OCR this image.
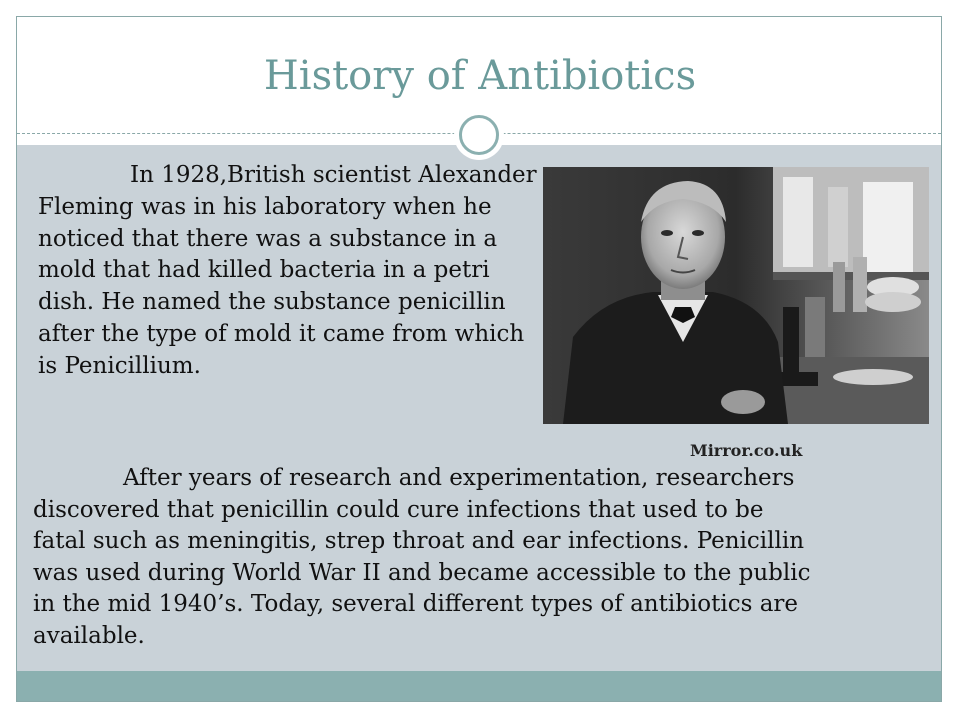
History of Antibiotics

In 1928,British scientist Alexander Fleming was in his laboratory when he noticed that there was a substance in a mold that had killed bacteria in a petri dish. He named the substance penicillin after the type of mold it came from which is Penicillium.

Mirror.co.uk

After years of research and experimentation, researchers discovered that penicillin could cure infections that used to be fatal such as meningitis, strep throat and ear infections. Penicillin was used during World War II and became accessible to the public in the mid 1940’s. Today, several different types of antibiotics are available.
